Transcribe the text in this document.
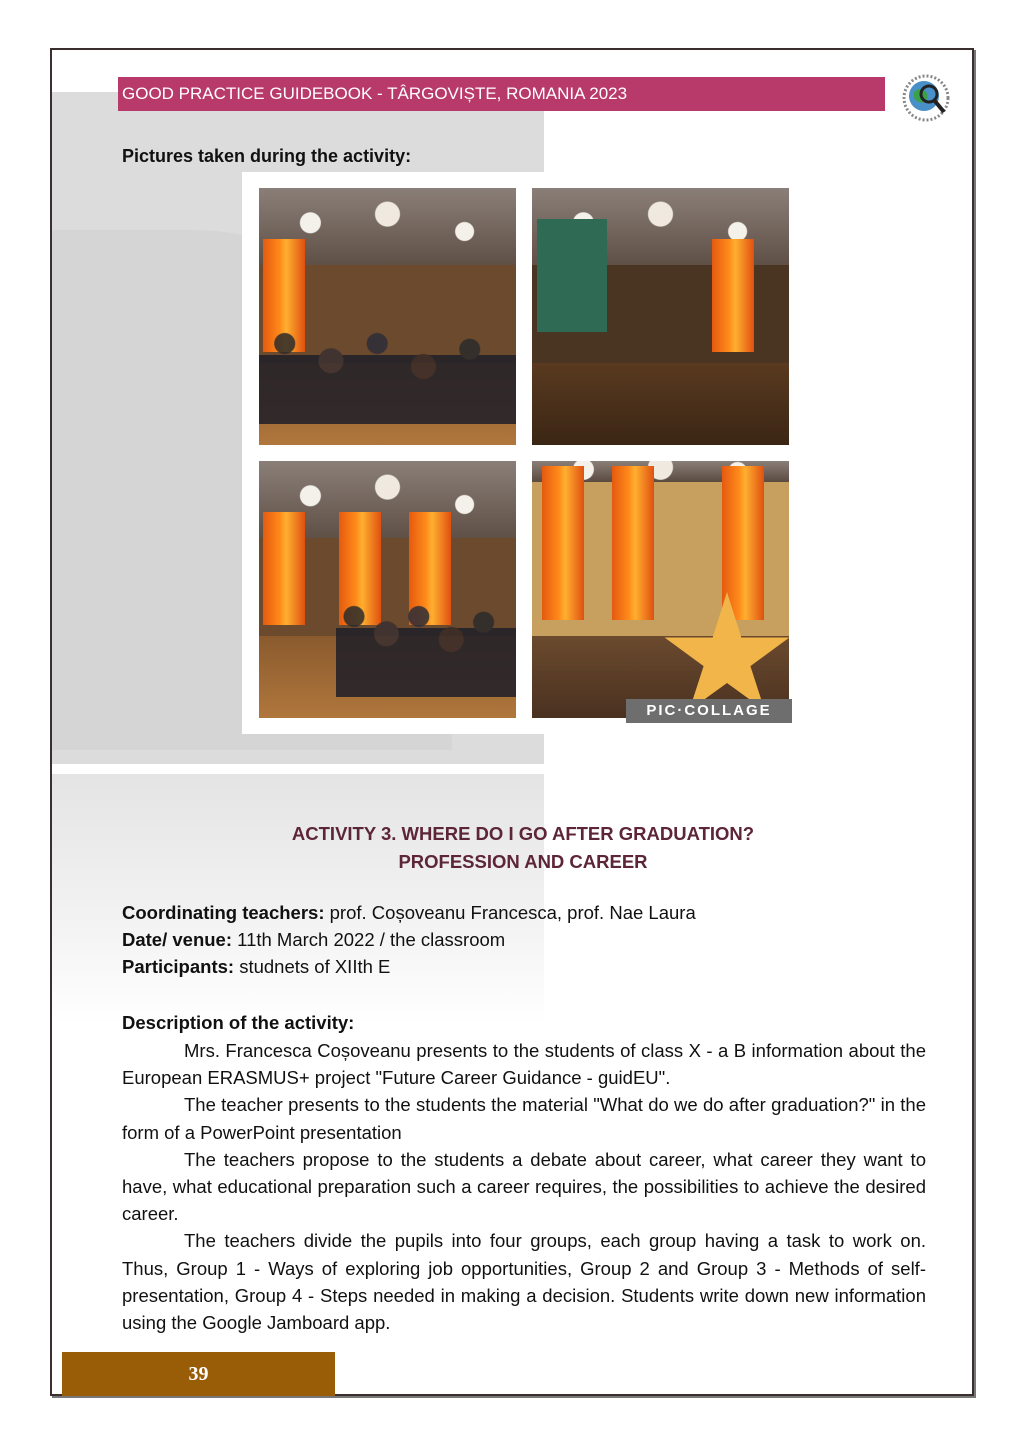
GOOD PRACTICE GUIDEBOOK - TÂRGOVIȘTE, ROMANIA 2023
Pictures taken during the activity:
PIC·COLLAGE
ACTIVITY 3. WHERE DO I GO AFTER GRADUATION?
PROFESSION AND CAREER
Coordinating teachers: prof. Coșoveanu Francesca, prof. Nae Laura
Date/ venue: 11th March 2022 / the classroom
Participants: studnets of XIIth E
Description of the activity:

Mrs. Francesca Coșoveanu presents to the students of class X - a B information about the European ERASMUS+ project "Future Career Guidance - guidEU".

The teacher presents to the students the material "What do we do after graduation?" in the form of a PowerPoint presentation

The teachers propose to the students a debate about career, what career they want to have, what educational preparation such a career requires, the possibilities to achieve the desired career.

The teachers divide the pupils into four groups, each group having a task to work on. Thus, Group 1 - Ways of exploring job opportunities, Group 2 and Group 3 - Methods of self-presentation, Group 4 - Steps needed in making a decision. Students write down new information using the Google Jamboard app.

39
